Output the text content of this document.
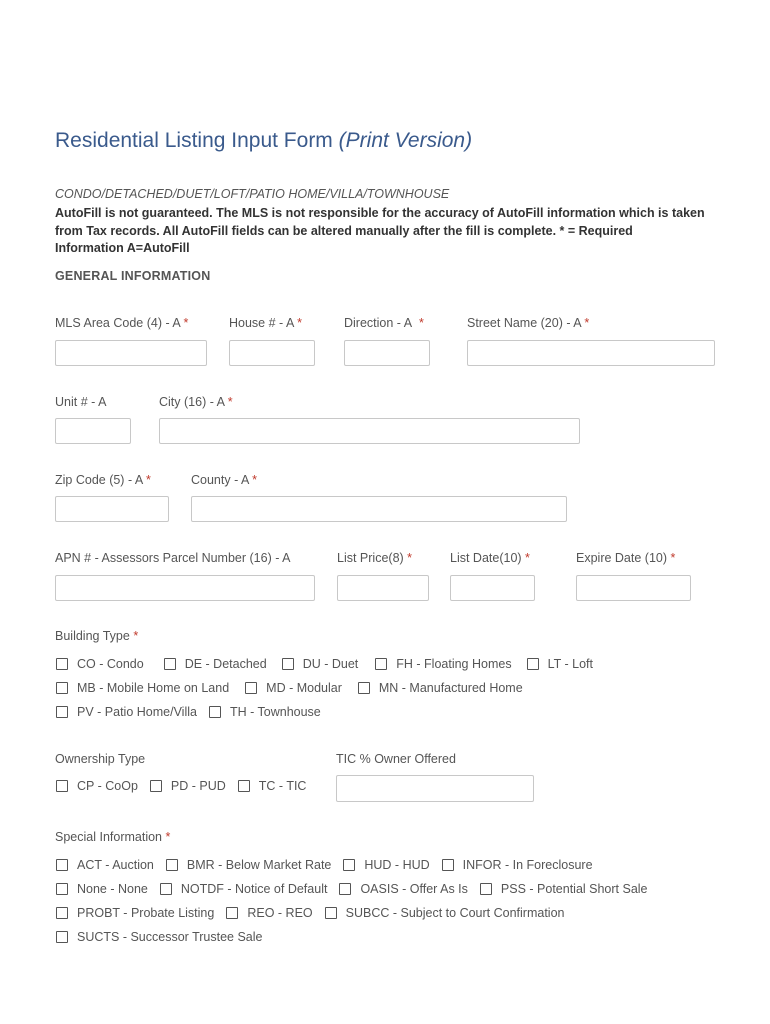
Residential Listing Input Form (Print Version)
CONDO/DETACHED/DUET/LOFT/PATIO HOME/VILLA/TOWNHOUSE
AutoFill is not guaranteed. The MLS is not responsible for the accuracy of AutoFill information which is taken from Tax records. All AutoFill fields can be altered manually after the fill is complete. * = Required Information A=AutoFill
GENERAL INFORMATION
MLS Area Code (4) - A *	House # - A *	Direction - A *	Street Name (20) - A *
Unit # - A	City (16) - A *
Zip Code (5) - A *	County - A *
APN # - Assessors Parcel Number (16) - A	List Price(8) *	List Date(10) *	Expire Date (10) *
Building Type *
CO - Condo	DE - Detached	DU - Duet	FH - Floating Homes	LT - Loft
MB - Mobile Home on Land	MD - Modular	MN - Manufactured Home
PV - Patio Home/Villa	TH - Townhouse
Ownership Type
CP - CoOp	PD - PUD	TC - TIC
TIC % Owner Offered
Special Information *
ACT - Auction	BMR - Below Market Rate	HUD - HUD	INFOR - In Foreclosure
None - None	NOTDF - Notice of Default	OASIS - Offer As Is	PSS - Potential Short Sale
PROBT - Probate Listing	REO - REO	SUBCC - Subject to Court Confirmation
SUCTS - Successor Trustee Sale
